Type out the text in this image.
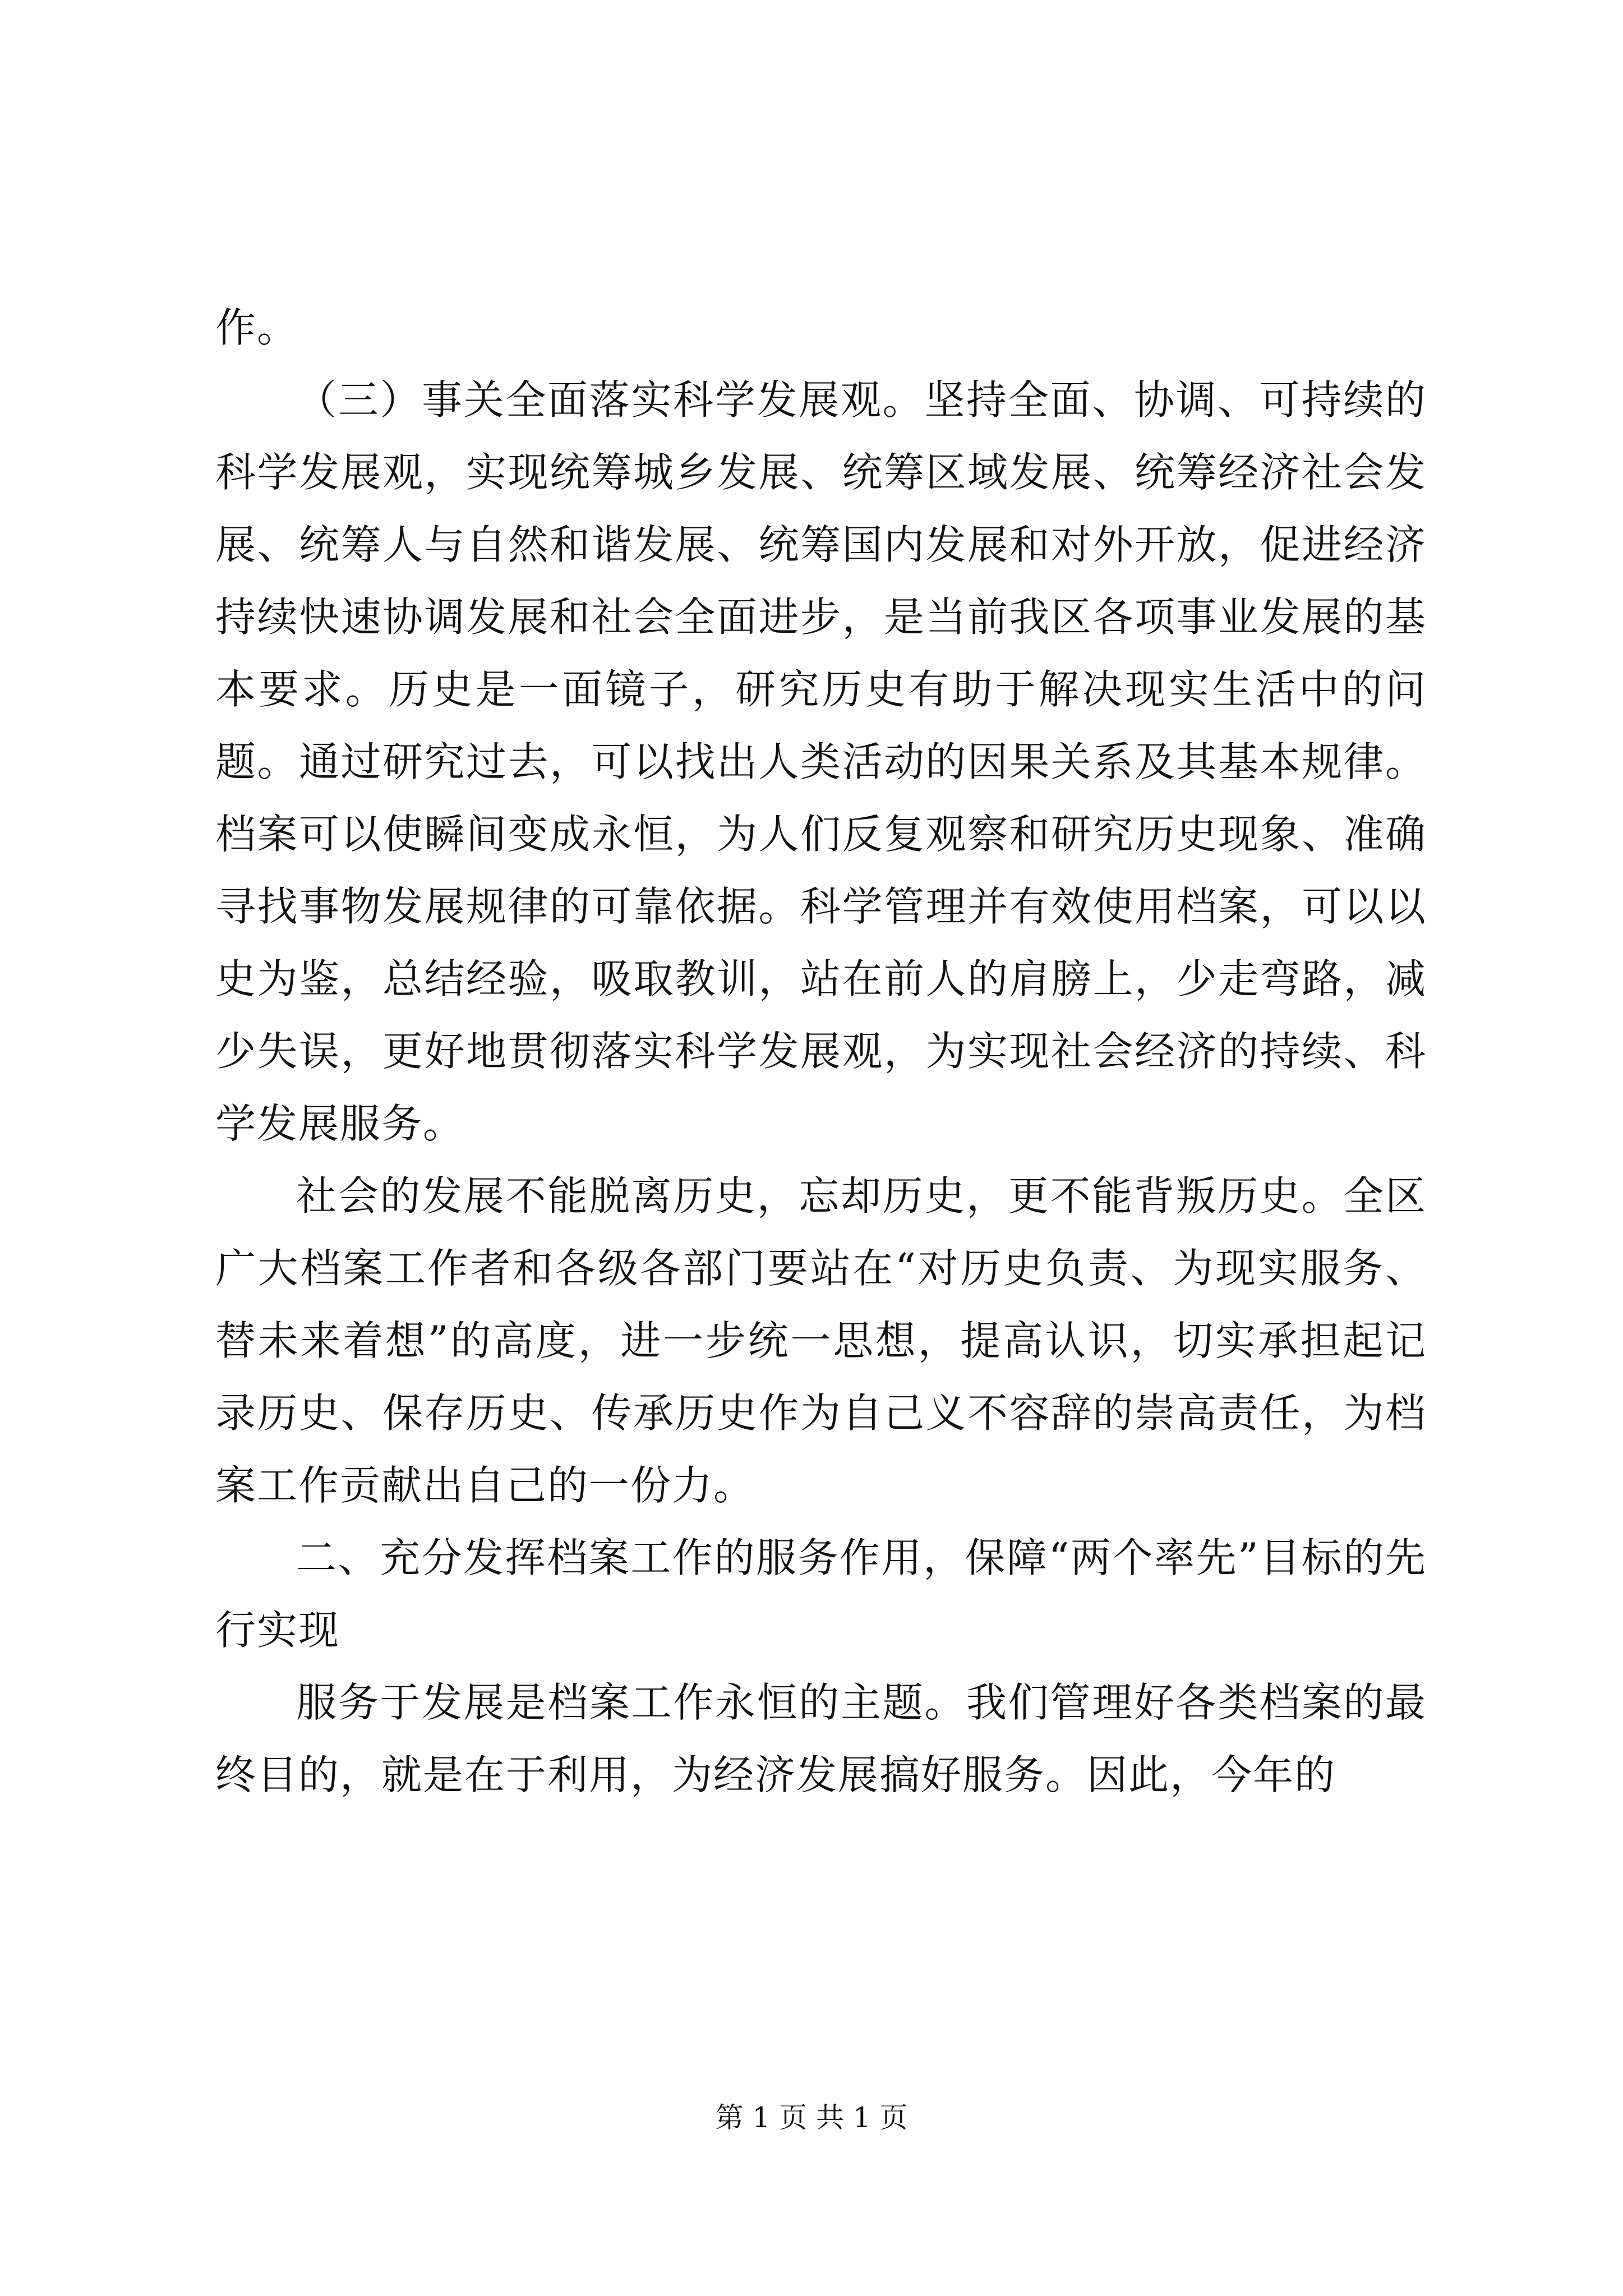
作。

（三）事关全面落实科学发展观。坚持全面、协调、可持续的科学发展观，实现统筹城乡发展、统筹区域发展、统筹经济社会发展、统筹人与自然和谐发展、统筹国内发展和对外开放，促进经济持续快速协调发展和社会全面进步，是当前我区各项事业发展的基本要求。历史是一面镜子，研究历史有助于解决现实生活中的问题。通过研究过去，可以找出人类活动的因果关系及其基本规律。档案可以使瞬间变成永恒，为人们反复观察和研究历史现象、准确寻找事物发展规律的可靠依据。科学管理并有效使用档案，可以以史为鉴，总结经验，吸取教训，站在前人的肩膀上，少走弯路，减少失误，更好地贯彻落实科学发展观，为实现社会经济的持续、科学发展服务。

社会的发展不能脱离历史，忘却历史，更不能背叛历史。全区广大档案工作者和各级各部门要站在“对历史负责、为现实服务、替未来着想”的高度，进一步统一思想，提高认识，切实承担起记录历史、保存历史、传承历史作为自己义不容辞的崇高责任，为档案工作贡献出自己的一份力。

二、充分发挥档案工作的服务作用，保障“两个率先”目标的先行实现

服务于发展是档案工作永恒的主题。我们管理好各类档案的最终目的，就是在于利用，为经济发展搞好服务。因此，今年的

第 1 页 共 1 页
